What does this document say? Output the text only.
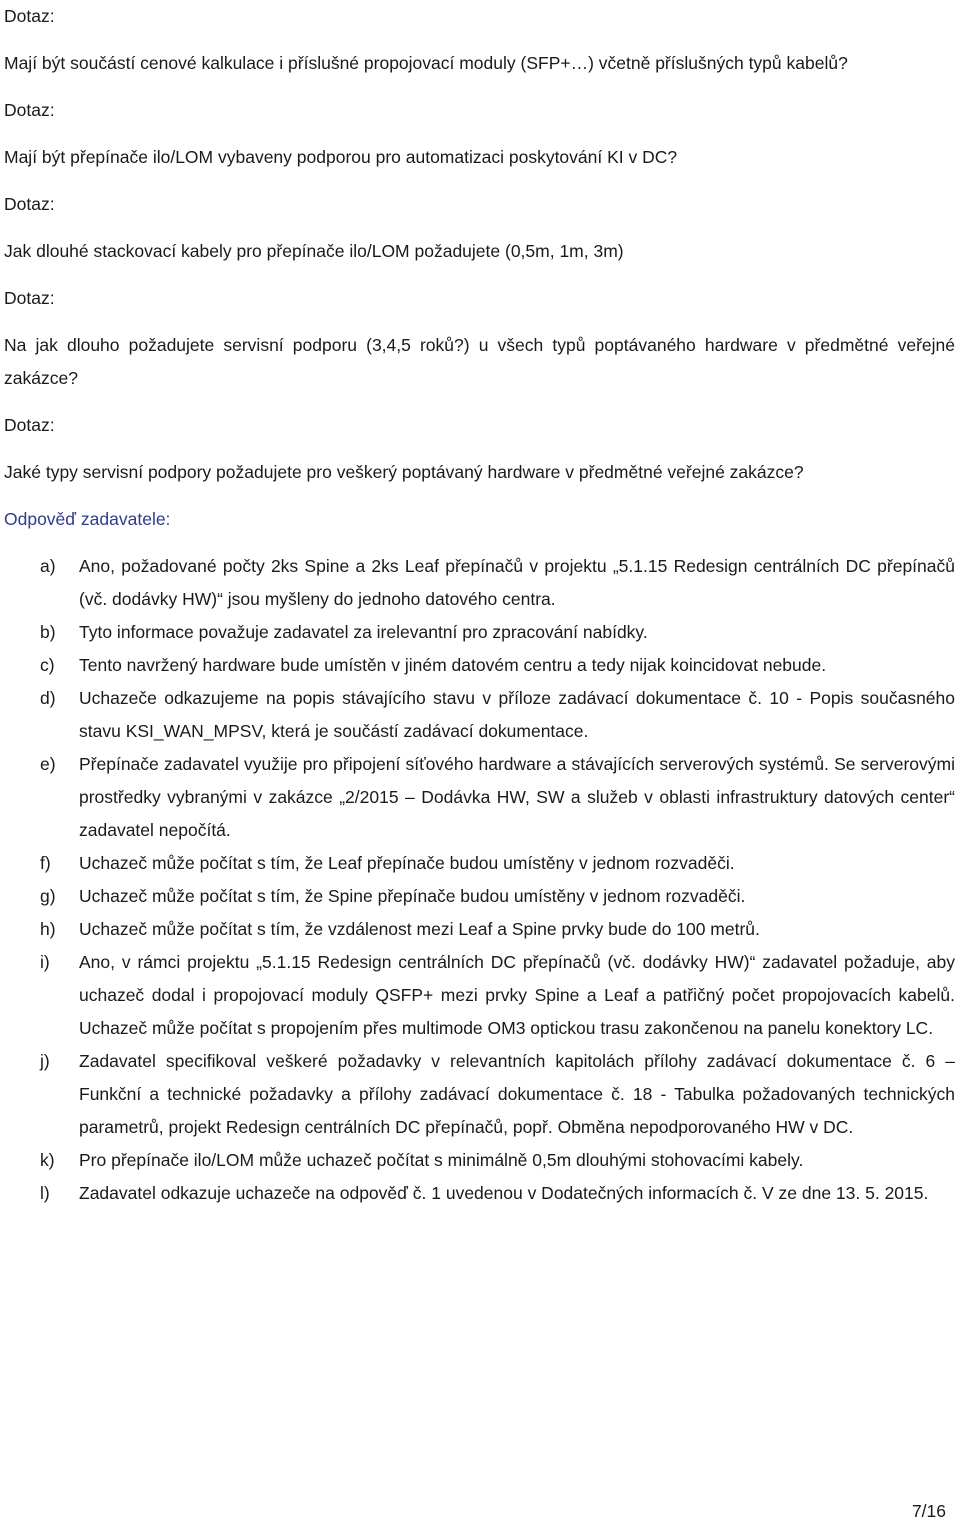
Dotaz:

Mají být součástí cenové kalkulace i příslušné propojovací moduly (SFP+…) včetně příslušných typů kabelů?

Dotaz:

Mají být přepínače ilo/LOM vybaveny podporou pro automatizaci poskytování KI v DC?

Dotaz:

Jak dlouhé stackovací kabely pro přepínače ilo/LOM požadujete (0,5m, 1m, 3m)

Dotaz:

Na jak dlouho požadujete servisní podporu (3,4,5 roků?) u všech typů poptávaného hardware v předmětné veřejné zakázce?

Dotaz:

Jaké typy servisní podpory požadujete pro veškerý poptávaný hardware v předmětné veřejné zakázce?

Odpověď zadavatele:

a)	Ano, požadované počty 2ks Spine a 2ks Leaf přepínačů v projektu „5.1.15 Redesign centrálních DC přepínačů (vč. dodávky HW)“ jsou myšleny do jednoho datového centra.
b)	Tyto informace považuje zadavatel za irelevantní pro zpracování nabídky.
c)	Tento navržený hardware bude umístěn v jiném datovém centru a tedy nijak koincidovat nebude.
d)	Uchazeče odkazujeme na popis stávajícího stavu v příloze zadávací dokumentace č. 10 - Popis současného stavu KSI_WAN_MPSV, která je součástí zadávací dokumentace.
e)	Přepínače zadavatel využije pro připojení síťového hardware a stávajících serverových systémů. Se serverovými prostředky vybranými v zakázce „2/2015 – Dodávka HW, SW a služeb v oblasti infrastruktury datových center“ zadavatel nepočítá.
f)	Uchazeč může počítat s tím, že Leaf přepínače budou umístěny v jednom rozvaděči.
g)	Uchazeč může počítat s tím, že Spine přepínače budou umístěny v jednom rozvaděči.
h)	Uchazeč může počítat s tím, že vzdálenost mezi Leaf a Spine prvky bude do 100 metrů.
i)	Ano, v rámci projektu „5.1.15 Redesign centrálních DC přepínačů (vč. dodávky HW)“ zadavatel požaduje, aby uchazeč dodal i propojovací moduly QSFP+ mezi prvky Spine a Leaf a patřičný počet propojovacích kabelů. Uchazeč může počítat s propojením přes multimode OM3 optickou trasu zakončenou na panelu konektory LC.
j)	Zadavatel specifikoval veškeré požadavky v relevantních kapitolách přílohy zadávací dokumentace č. 6 – Funkční a technické požadavky a přílohy zadávací dokumentace č. 18 - Tabulka požadovaných technických parametrů, projekt Redesign centrálních DC přepínačů, popř. Obměna nepodporovaného HW v DC.
k)	Pro přepínače ilo/LOM může uchazeč počítat s minimálně 0,5m dlouhými stohovacími kabely.
l)	Zadavatel odkazuje uchazeče na odpověď č. 1 uvedenou v Dodatečných informacích č. V ze dne 13. 5. 2015.
7/16
